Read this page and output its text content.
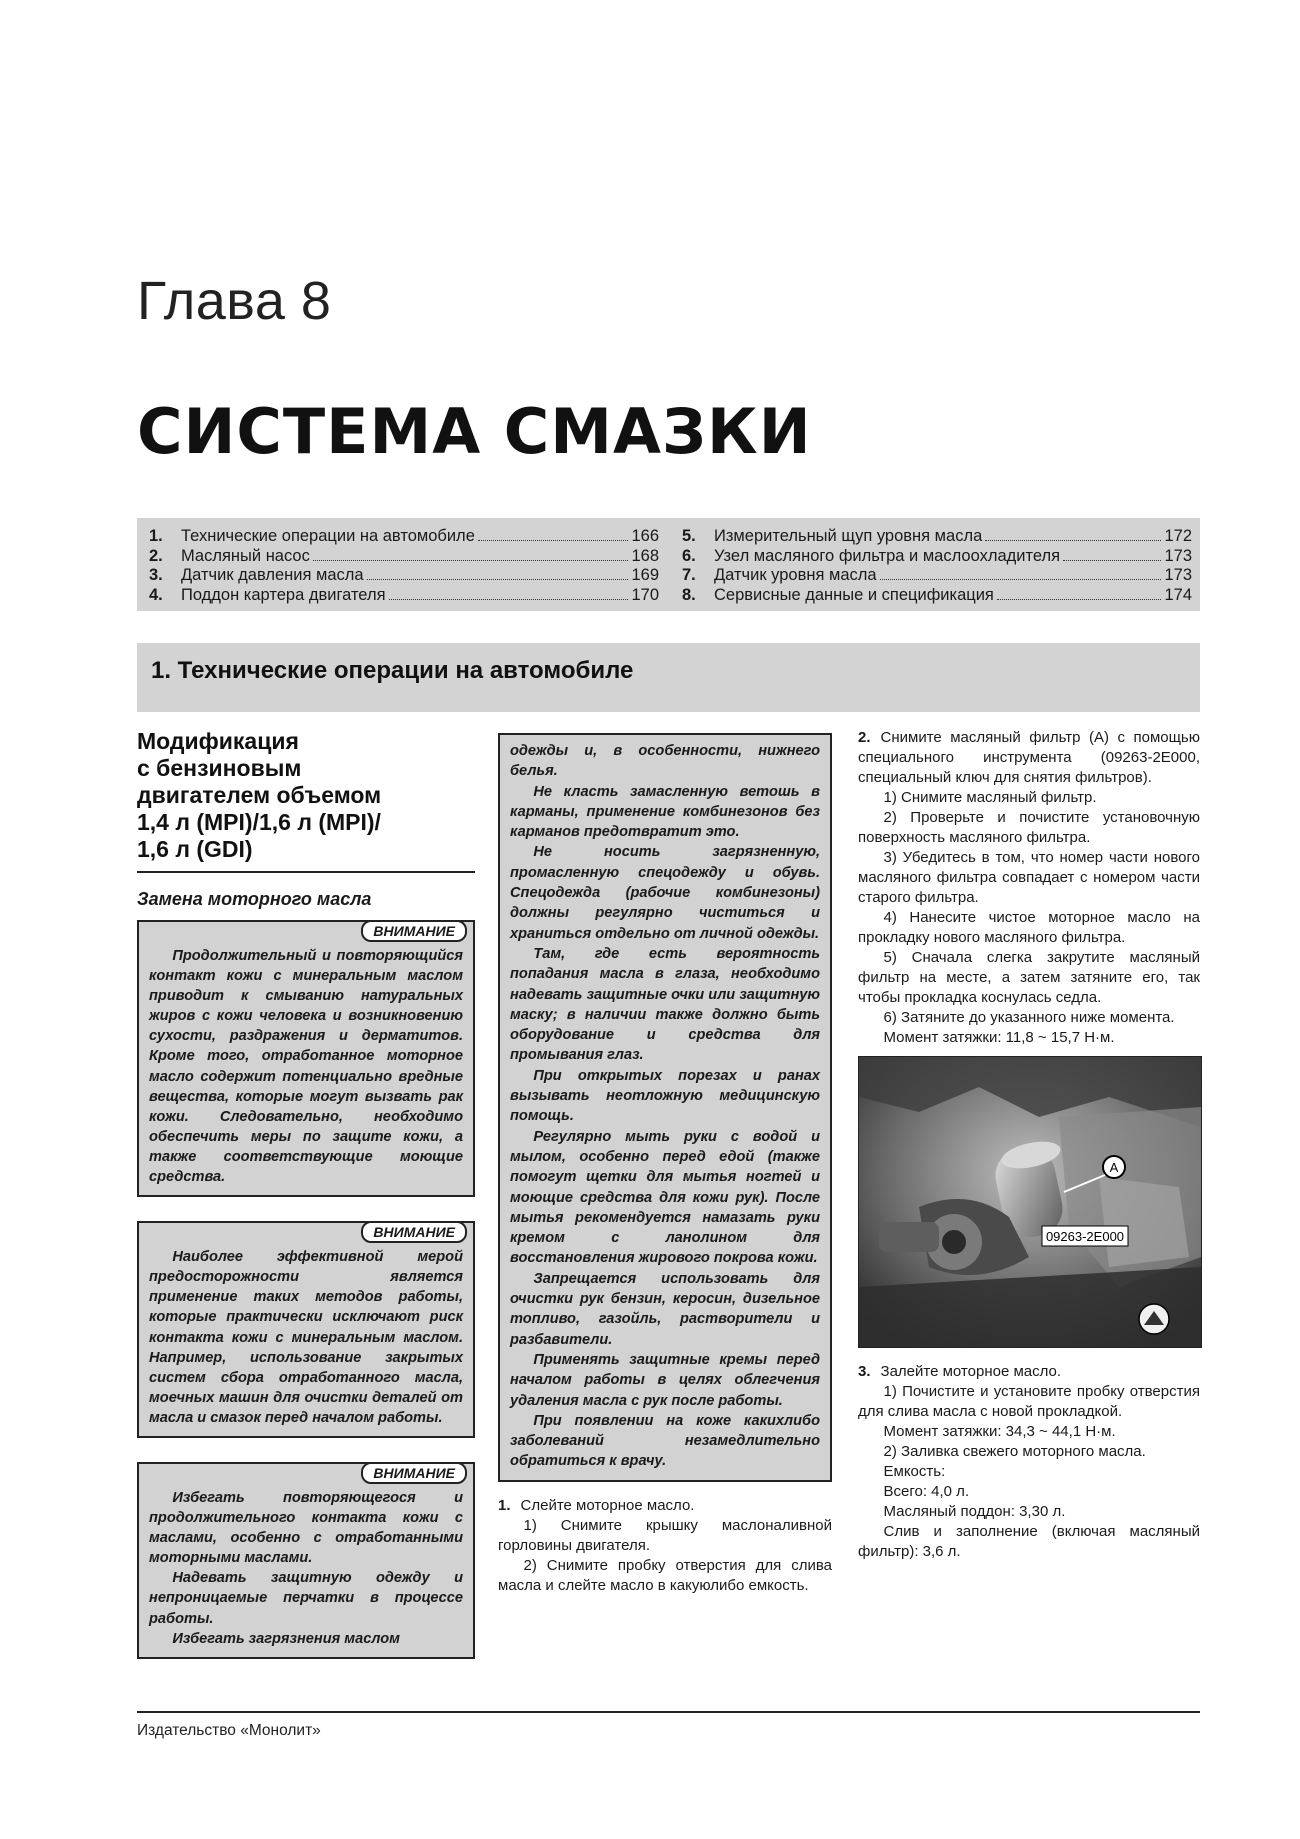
Глава 8
СИСТЕМА СМАЗКИ
1.	Технические операции на автомобиле	166
2.	Масляный насос	168
3.	Датчик давления масла	169
4.	Поддон картера двигателя	170
5.	Измерительный щуп уровня масла	172
6.	Узел масляного фильтра и маслоохладителя	173
7.	Датчик уровня масла	173
8.	Сервисные данные и спецификация	174
1. Технические операции на автомобиле
Модификация
с бензиновым
двигателем объемом
1,4 л (MPI)/1,6 л (MPI)/
1,6 л (GDI)
Замена моторного масла
ВНИМАНИЕ

Продолжительный и повторяющийся контакт кожи с минеральным маслом приводит к смыванию натуральных жиров с кожи человека и возникновению сухости, раздражения и дерматитов. Кроме того, отработанное моторное масло содержит потенциально вредные вещества, которые могут вызвать рак кожи. Следовательно, необходимо обеспечить меры по защите кожи, а также соответствующие моющие средства.

ВНИМАНИЕ

Наиболее эффективной мерой предосторожности является применение таких методов работы, которые практически исключают риск контакта кожи с минеральным маслом. Например, использование закрытых систем сбора отработанного масла, моечных машин для очистки деталей от масла и смазок перед началом работы.

ВНИМАНИЕ

Избегать повторяющегося и продолжительного контакта кожи с маслами, особенно с отработанными моторными маслами.

Надевать защитную одежду и непроницаемые перчатки в процессе работы.

Избегать загрязнения маслом

одежды и, в особенности, нижнего белья.

Не класть замасленную ветошь в карманы, применение комбинезонов без карманов предотвратит это.

Не носить загрязненную, промасленную спецодежду и обувь. Спецодежда (рабочие комбинезоны) должны регулярно чиститься и храниться отдельно от личной одежды.

Там, где есть вероятность попадания масла в глаза, необходимо надевать защитные очки или защитную маску; в наличии также должно быть оборудование и средства для промывания глаз.

При открытых порезах и ранах вызывать неотложную медицинскую помощь.

Регулярно мыть руки с водой и мылом, особенно перед едой (также помогут щетки для мытья ногтей и моющие средства для кожи рук). После мытья рекомендуется намазать руки кремом с ланолином для восстановления жирового покрова кожи.

Запрещается использовать для очистки рук бензин, керосин, дизельное топливо, газойль, растворители и разбавители.

Применять защитные кремы перед началом работы в целях облегчения удаления масла с рук после работы.

При появлении на коже какихлибо заболеваний незамедлительно обратиться к врачу.

1. Слейте моторное масло.

1) Снимите крышку маслоналивной горловины двигателя.

2) Снимите пробку отверстия для слива масла и слейте масло в какуюлибо емкость.

2. Снимите масляный фильтр (A) с помощью специального инструмента (09263-2E000, специальный ключ для снятия фильтров).

1) Снимите масляный фильтр.

2) Проверьте и почистите установочную поверхность масляного фильтра.

3) Убедитесь в том, что номер части нового масляного фильтра совпадает с номером части старого фильтра.

4) Нанесите чистое моторное масло на прокладку нового масляного фильтра.

5) Сначала слегка закрутите масляный фильтр на месте, а затем затяните его, так чтобы прокладка коснулась седла.

6) Затяните до указанного ниже момента.

Момент затяжки: 11,8 ~ 15,7 Н·м.

A
09263-2E000

3. Залейте моторное масло.

1) Почистите и установите пробку отверстия для слива масла с новой прокладкой.

Момент затяжки: 34,3 ~ 44,1 Н·м.

2) Заливка свежего моторного масла.

Емкость:

Всего: 4,0 л.

Масляный поддон: 3,30 л.

Слив и заполнение (включая масляный фильтр): 3,6 л.

Издательство «Монолит»
